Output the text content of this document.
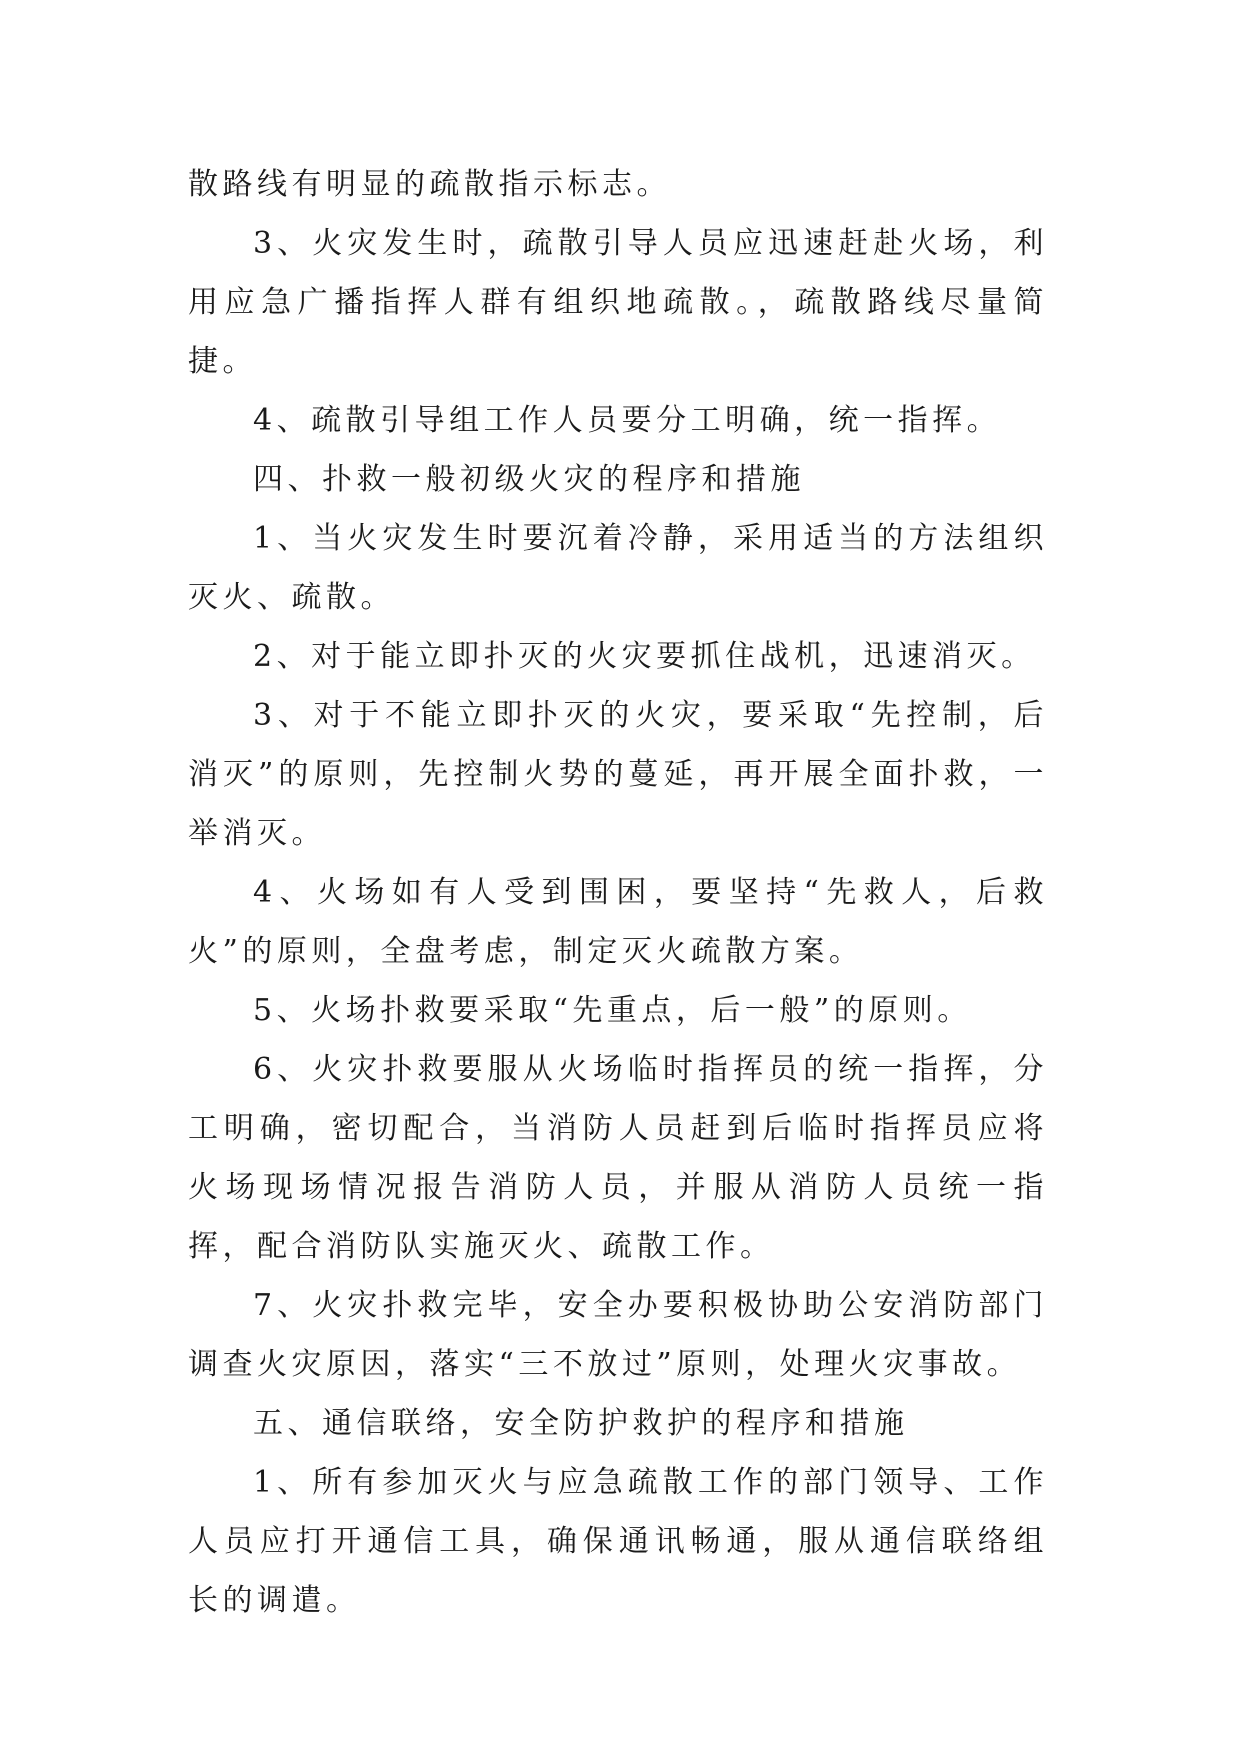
散路线有明显的疏散指示标志。

3、火灾发生时，疏散引导人员应迅速赶赴火场，利用应急广播指挥人群有组织地疏散。，疏散路线尽量简捷。

4、疏散引导组工作人员要分工明确，统一指挥。

四、扑救一般初级火灾的程序和措施

1、当火灾发生时要沉着冷静，采用适当的方法组织灭火、疏散。

2、对于能立即扑灭的火灾要抓住战机，迅速消灭。

3、对于不能立即扑灭的火灾，要采取“先控制，后消灭”的原则，先控制火势的蔓延，再开展全面扑救，一举消灭。

4、火场如有人受到围困，要坚持“先救人，后救火”的原则，全盘考虑，制定灭火疏散方案。

5、火场扑救要采取“先重点，后一般”的原则。

6、火灾扑救要服从火场临时指挥员的统一指挥，分工明确，密切配合，当消防人员赶到后临时指挥员应将火场现场情况报告消防人员，并服从消防人员统一指挥，配合消防队实施灭火、疏散工作。

7、火灾扑救完毕，安全办要积极协助公安消防部门调查火灾原因，落实“三不放过”原则，处理火灾事故。

五、通信联络，安全防护救护的程序和措施

1、所有参加灭火与应急疏散工作的部门领导、工作人员应打开通信工具，确保通讯畅通，服从通信联络组长的调遣。
